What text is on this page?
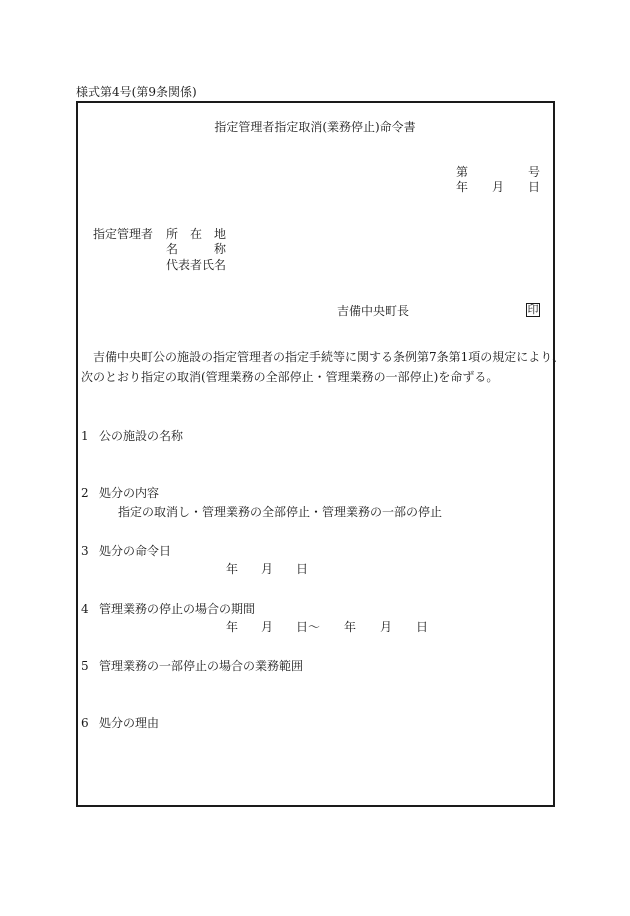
様式第4号(第9条関係)
指定管理者指定取消(業務停止)命令書
第	号
年 月 日
指定管理者 所 在 地
名	称
代表者氏名
吉備中央町長	印
吉備中央町公の施設の指定管理者の指定手続等に関する条例第7条第1項の規定により、
次のとおり指定の取消(管理業務の全部停止・管理業務の一部停止)を命ずる。
1 公の施設の名称
2 処分の内容
指定の取消し・管理業務の全部停止・管理業務の一部の停止
3 処分の命令日
年 月 日
4 管理業務の停止の場合の期間
年 月 日〜 年 月 日
5 管理業務の一部停止の場合の業務範囲
6 処分の理由
